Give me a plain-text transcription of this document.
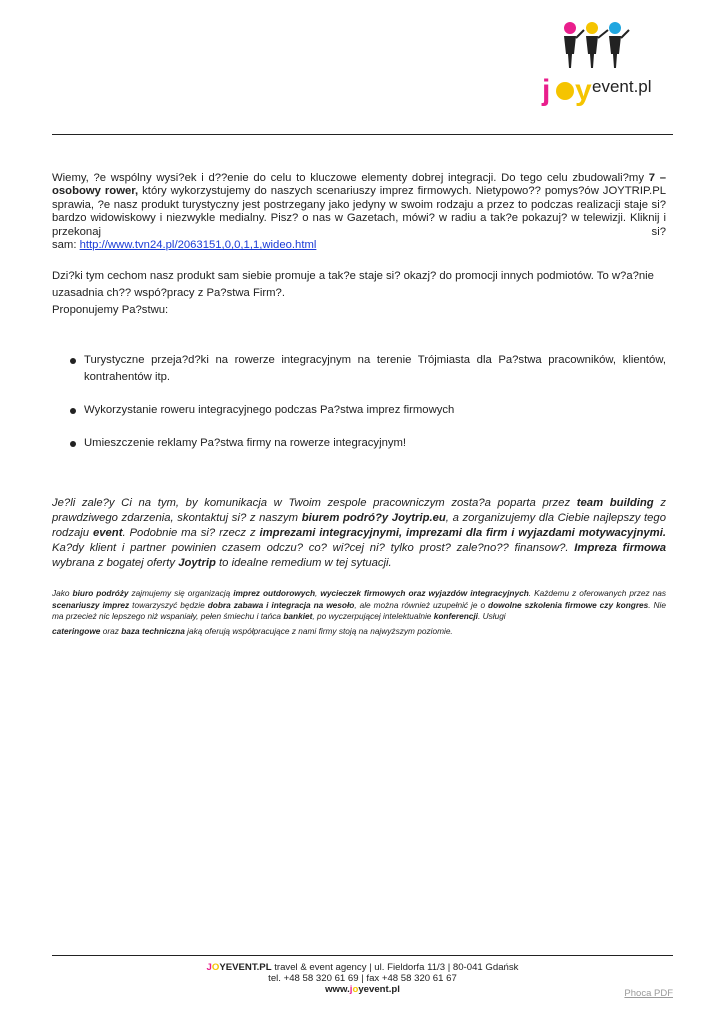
j y event.pl
Wiemy, ?e wspólny wysi?ek i d??enie do celu to kluczowe elementy dobrej integracji. Do tego celu zbudowali?my 7 – osobowy rower, który wykorzystujemy do naszych scenariuszy imprez firmowych. Nietypowo?? pomys?ów JOYTRIP.PL sprawia, ?e nasz produkt turystyczny jest postrzegany jako jedyny w swoim rodzaju a przez to podczas realizacji staje si? bardzo widowiskowy i niezwykle medialny. Pisz? o nas w Gazetach, mówi? w radiu a tak?e pokazuj? w telewizji. Kliknij i przekonaj si?
sam: http://www.tvn24.pl/2063151,0,0,1,1,wideo.html
Dzi?ki tym cechom nasz produkt sam siebie promuje a tak?e staje si? okazj? do promocji innych podmiotów. To w?a?nie uzasadnia ch?? wspó?pracy z Pa?stwa Firm?.
Proponujemy Pa?stwu:
Turystyczne przeja?d?ki na rowerze integracyjnym na terenie Trójmiasta dla Pa?stwa pracowników, klientów, kontrahentów itp.
Wykorzystanie roweru integracyjnego podczas Pa?stwa imprez firmowych
Umieszczenie reklamy Pa?stwa firmy na rowerze integracyjnym!
Je?li zale?y Ci na tym, by komunikacja w Twoim zespole pracowniczym zosta?a poparta przez team building z prawdziwego zdarzenia, skontaktuj si? z naszym biurem podró?y Joytrip.eu, a zorganizujemy dla Ciebie najlepszy tego rodzaju event. Podobnie ma si? rzecz z imprezami integracyjnymi, imprezami dla firm i wyjazdami motywacyjnymi. Ka?dy klient i partner powinien czasem odczu? co? wi?cej ni? tylko prost? zale?no?? finansow?. Impreza firmowa wybrana z bogatej oferty Joytrip to idealne remedium w tej sytuacji.
Jako biuro podróży zajmujemy się organizacją imprez outdorowych, wycieczek firmowych oraz wyjazdów integracyjnych. Każdemu z oferowanych przez nas scenariuszy imprez towarzyszyć będzie dobra zabawa i integracja na wesoło, ale można również uzupełnić je o dowolne szkolenia firmowe czy kongres. Nie ma przecież nic lepszego niż wspaniały, pełen śmiechu i tańca bankiet, po wyczerpującej intelektualnie konferencji. Usługi
cateringowe oraz baza techniczna jaką oferują współpracujące z nami firmy stoją na najwyższym poziomie.
JOYEVENT.PL travel & event agency | ul. Fieldorfa 11/3 | 80-041 Gdańsk
tel. +48 58 320 61 69 | fax +48 58 320 61 67
www.joyevent.pl	Phoca PDF
